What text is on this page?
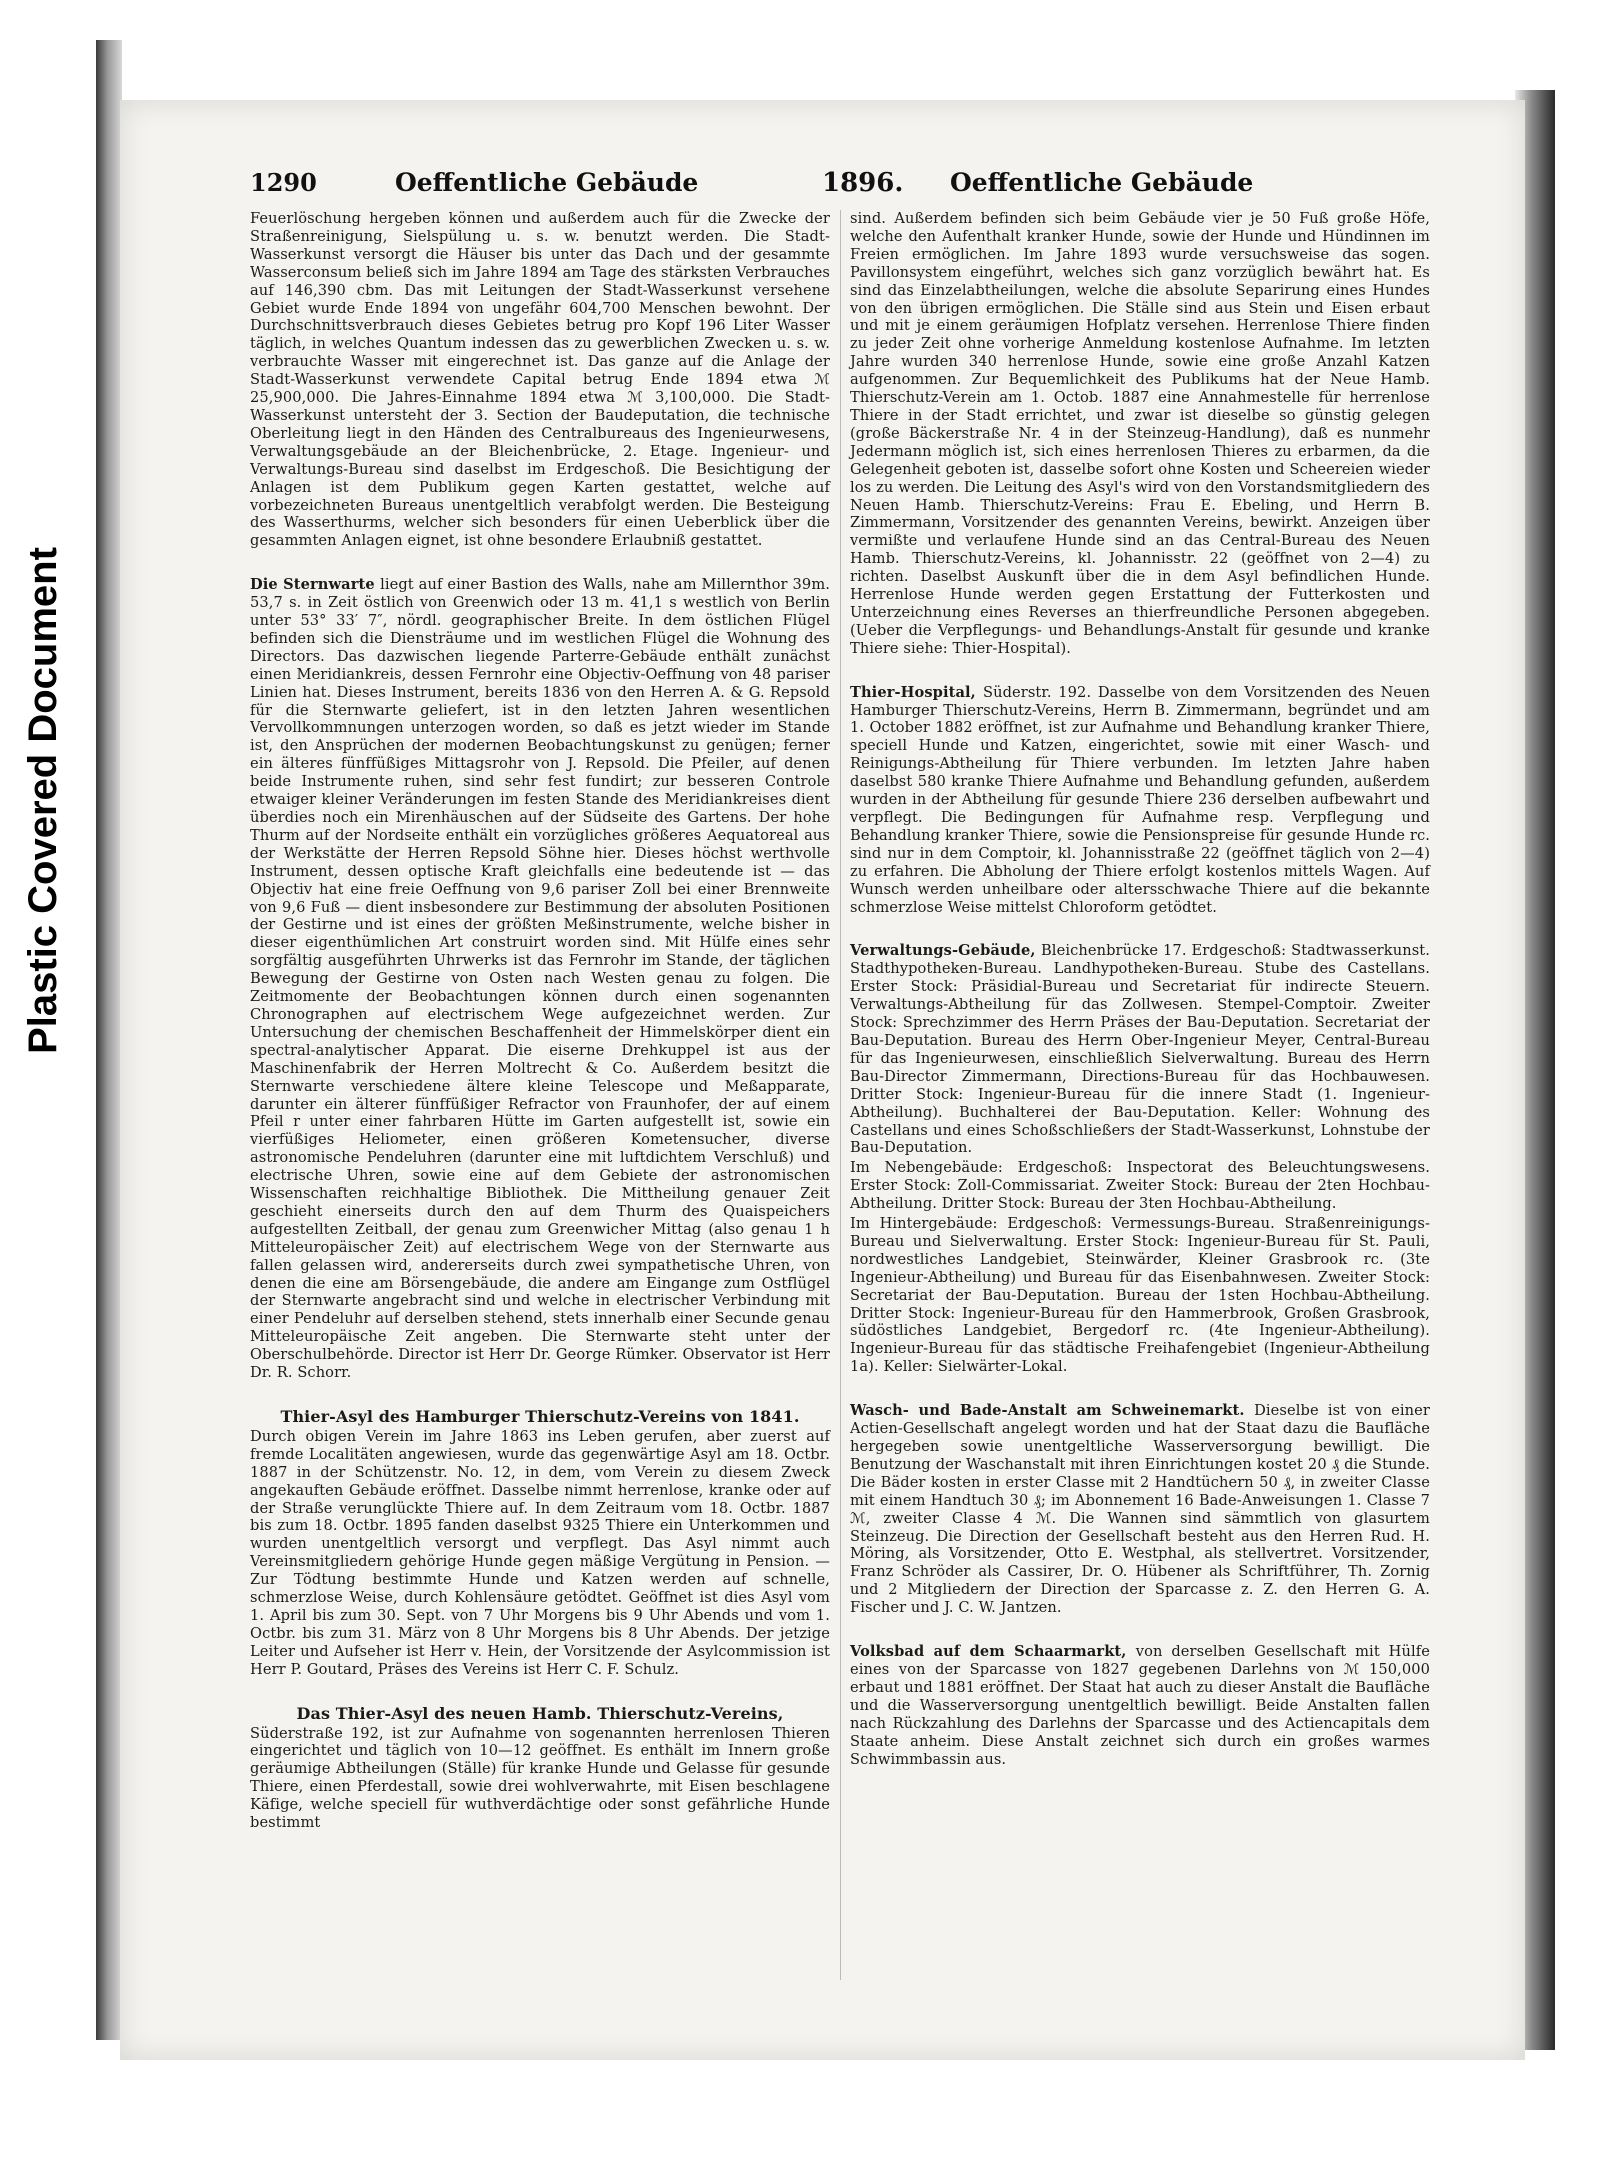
Plastic Covered Document
1290	Oeffentliche Gebäude	1896. Oeffentliche Gebäude

Feuerlöschung hergeben können und außerdem auch für die Zwecke der Straßenreinigung, Sielspülung u. s. w. benutzt werden. Die Stadt-Wasserkunst versorgt die Häuser bis unter das Dach und der gesammte Wasserconsum beließ sich im Jahre 1894 am Tage des stärksten Verbrauches auf 146,390 cbm. Das mit Leitungen der Stadt-Wasserkunst versehene Gebiet wurde Ende 1894 von ungefähr 604,700 Menschen bewohnt. Der Durchschnittsverbrauch dieses Gebietes betrug pro Kopf 196 Liter Wasser täglich, in welches Quantum indessen das zu gewerblichen Zwecken u. s. w. verbrauchte Wasser mit eingerechnet ist. Das ganze auf die Anlage der Stadt-Wasserkunst verwendete Capital betrug Ende 1894 etwa ℳ 25,900,000. Die Jahres-Einnahme 1894 etwa ℳ 3,100,000. Die Stadt-Wasserkunst untersteht der 3. Section der Baudeputation, die technische Oberleitung liegt in den Händen des Centralbureaus des Ingenieurwesens, Verwaltungsgebäude an der Bleichenbrücke, 2. Etage. Ingenieur- und Verwaltungs-Bureau sind daselbst im Erdgeschoß. Die Besichtigung der Anlagen ist dem Publikum gegen Karten gestattet, welche auf vorbezeichneten Bureaus unentgeltlich verabfolgt werden. Die Besteigung des Wasserthurms, welcher sich besonders für einen Ueberblick über die gesammten Anlagen eignet, ist ohne besondere Erlaubniß gestattet.

Die Sternwarte liegt auf einer Bastion des Walls, nahe am Millernthor 39m. 53,7 s. in Zeit östlich von Greenwich oder 13 m. 41,1 s westlich von Berlin unter 53° 33′ 7″, nördl. geographischer Breite. In dem östlichen Flügel befinden sich die Diensträume und im westlichen Flügel die Wohnung des Directors. Das dazwischen liegende Parterre-Gebäude enthält zunächst einen Meridiankreis, dessen Fernrohr eine Objectiv-Oeffnung von 48 pariser Linien hat. Dieses Instrument, bereits 1836 von den Herren A. & G. Repsold für die Sternwarte geliefert, ist in den letzten Jahren wesentlichen Vervollkommnungen unterzogen worden, so daß es jetzt wieder im Stande ist, den Ansprüchen der modernen Beobachtungskunst zu genügen; ferner ein älteres fünffüßiges Mittagsrohr von J. Repsold. Die Pfeiler, auf denen beide Instrumente ruhen, sind sehr fest fundirt; zur besseren Controle etwaiger kleiner Veränderungen im festen Stande des Meridiankreises dient überdies noch ein Mirenhäuschen auf der Südseite des Gartens. Der hohe Thurm auf der Nordseite enthält ein vorzügliches größeres Aequatoreal aus der Werkstätte der Herren Repsold Söhne hier. Dieses höchst werthvolle Instrument, dessen optische Kraft gleichfalls eine bedeutende ist — das Objectiv hat eine freie Oeffnung von 9,6 pariser Zoll bei einer Brennweite von 9,6 Fuß — dient insbesondere zur Bestimmung der absoluten Positionen der Gestirne und ist eines der größten Meßinstrumente, welche bisher in dieser eigenthümlichen Art construirt worden sind. Mit Hülfe eines sehr sorgfältig ausgeführten Uhrwerks ist das Fernrohr im Stande, der täglichen Bewegung der Gestirne von Osten nach Westen genau zu folgen. Die Zeitmomente der Beobachtungen können durch einen sogenannten Chronographen auf electrischem Wege aufgezeichnet werden. Zur Untersuchung der chemischen Beschaffenheit der Himmelskörper dient ein spectral-analytischer Apparat. Die eiserne Drehkuppel ist aus der Maschinenfabrik der Herren Moltrecht & Co. Außerdem besitzt die Sternwarte verschiedene ältere kleine Telescope und Meßapparate, darunter ein älterer fünffüßiger Refractor von Fraunhofer, der auf einem Pfeil r unter einer fahrbaren Hütte im Garten aufgestellt ist, sowie ein vierfüßiges Heliometer, einen größeren Kometensucher, diverse astronomische Pendeluhren (darunter eine mit luftdichtem Verschluß) und electrische Uhren, sowie eine auf dem Gebiete der astronomischen Wissenschaften reichhaltige Bibliothek. Die Mittheilung genauer Zeit geschieht einerseits durch den auf dem Thurm des Quaispeichers aufgestellten Zeitball, der genau zum Greenwicher Mittag (also genau 1 h Mitteleuropäischer Zeit) auf electrischem Wege von der Sternwarte aus fallen gelassen wird, andererseits durch zwei sympathetische Uhren, von denen die eine am Börsengebäude, die andere am Eingange zum Ostflügel der Sternwarte angebracht sind und welche in electrischer Verbindung mit einer Pendeluhr auf derselben stehend, stets innerhalb einer Secunde genau Mitteleuropäische Zeit angeben. Die Sternwarte steht unter der Oberschulbehörde. Director ist Herr Dr. George Rümker. Observator ist Herr Dr. R. Schorr.

Thier-Asyl des Hamburger Thierschutz-Vereins von 1841.

Durch obigen Verein im Jahre 1863 ins Leben gerufen, aber zuerst auf fremde Localitäten angewiesen, wurde das gegenwärtige Asyl am 18. Octbr. 1887 in der Schützenstr. No. 12, in dem, vom Verein zu diesem Zweck angekauften Gebäude eröffnet. Dasselbe nimmt herrenlose, kranke oder auf der Straße verunglückte Thiere auf. In dem Zeitraum vom 18. Octbr. 1887 bis zum 18. Octbr. 1895 fanden daselbst 9325 Thiere ein Unterkommen und wurden unentgeltlich versorgt und verpflegt. Das Asyl nimmt auch Vereinsmitgliedern gehörige Hunde gegen mäßige Vergütung in Pension. — Zur Tödtung bestimmte Hunde und Katzen werden auf schnelle, schmerzlose Weise, durch Kohlensäure getödtet. Geöffnet ist dies Asyl vom 1. April bis zum 30. Sept. von 7 Uhr Morgens bis 9 Uhr Abends und vom 1. Octbr. bis zum 31. März von 8 Uhr Morgens bis 8 Uhr Abends. Der jetzige Leiter und Aufseher ist Herr v. Hein, der Vorsitzende der Asylcommission ist Herr P. Goutard, Präses des Vereins ist Herr C. F. Schulz.

Das Thier-Asyl des neuen Hamb. Thierschutz-Vereins,

Süderstraße 192, ist zur Aufnahme von sogenannten herrenlosen Thieren eingerichtet und täglich von 10—12 geöffnet. Es enthält im Innern große geräumige Abtheilungen (Ställe) für kranke Hunde und Gelasse für gesunde Thiere, einen Pferdestall, sowie drei wohlverwahrte, mit Eisen beschlagene Käfige, welche speciell für wuthverdächtige oder sonst gefährliche Hunde bestimmt

sind. Außerdem befinden sich beim Gebäude vier je 50 Fuß große Höfe, welche den Aufenthalt kranker Hunde, sowie der Hunde und Hündinnen im Freien ermöglichen. Im Jahre 1893 wurde versuchsweise das sogen. Pavillonsystem eingeführt, welches sich ganz vorzüglich bewährt hat. Es sind das Einzelabtheilungen, welche die absolute Separirung eines Hundes von den übrigen ermöglichen. Die Ställe sind aus Stein und Eisen erbaut und mit je einem geräumigen Hofplatz versehen. Herrenlose Thiere finden zu jeder Zeit ohne vorherige Anmeldung kostenlose Aufnahme. Im letzten Jahre wurden 340 herrenlose Hunde, sowie eine große Anzahl Katzen aufgenommen. Zur Bequemlichkeit des Publikums hat der Neue Hamb. Thierschutz-Verein am 1. Octob. 1887 eine Annahmestelle für herrenlose Thiere in der Stadt errichtet, und zwar ist dieselbe so günstig gelegen (große Bäckerstraße Nr. 4 in der Steinzeug-Handlung), daß es nunmehr Jedermann möglich ist, sich eines herrenlosen Thieres zu erbarmen, da die Gelegenheit geboten ist, dasselbe sofort ohne Kosten und Scheereien wieder los zu werden. Die Leitung des Asyl's wird von den Vorstandsmitgliedern des Neuen Hamb. Thierschutz-Vereins: Frau E. Ebeling, und Herrn B. Zimmermann, Vorsitzender des genannten Vereins, bewirkt. Anzeigen über vermißte und verlaufene Hunde sind an das Central-Bureau des Neuen Hamb. Thierschutz-Vereins, kl. Johannisstr. 22 (geöffnet von 2—4) zu richten. Daselbst Auskunft über die in dem Asyl befindlichen Hunde. Herrenlose Hunde werden gegen Erstattung der Futterkosten und Unterzeichnung eines Reverses an thierfreundliche Personen abgegeben. (Ueber die Verpflegungs- und Behandlungs-Anstalt für gesunde und kranke Thiere siehe: Thier-Hospital).

Thier-Hospital, Süderstr. 192. Dasselbe von dem Vorsitzenden des Neuen Hamburger Thierschutz-Vereins, Herrn B. Zimmermann, begründet und am 1. October 1882 eröffnet, ist zur Aufnahme und Behandlung kranker Thiere, speciell Hunde und Katzen, eingerichtet, sowie mit einer Wasch- und Reinigungs-Abtheilung für Thiere verbunden. Im letzten Jahre haben daselbst 580 kranke Thiere Aufnahme und Behandlung gefunden, außerdem wurden in der Abtheilung für gesunde Thiere 236 derselben aufbewahrt und verpflegt. Die Bedingungen für Aufnahme resp. Verpflegung und Behandlung kranker Thiere, sowie die Pensionspreise für gesunde Hunde rc. sind nur in dem Comptoir, kl. Johannisstraße 22 (geöffnet täglich von 2—4) zu erfahren. Die Abholung der Thiere erfolgt kostenlos mittels Wagen. Auf Wunsch werden unheilbare oder altersschwache Thiere auf die bekannte schmerzlose Weise mittelst Chloroform getödtet.

Verwaltungs-Gebäude, Bleichenbrücke 17. Erdgeschoß: Stadtwasserkunst. Stadthypotheken-Bureau. Landhypotheken-Bureau. Stube des Castellans. Erster Stock: Präsidial-Bureau und Secretariat für indirecte Steuern. Verwaltungs-Abtheilung für das Zollwesen. Stempel-Comptoir. Zweiter Stock: Sprechzimmer des Herrn Präses der Bau-Deputation. Secretariat der Bau-Deputation. Bureau des Herrn Ober-Ingenieur Meyer, Central-Bureau für das Ingenieurwesen, einschließlich Sielverwaltung. Bureau des Herrn Bau-Director Zimmermann, Directions-Bureau für das Hochbauwesen. Dritter Stock: Ingenieur-Bureau für die innere Stadt (1. Ingenieur-Abtheilung). Buchhalterei der Bau-Deputation. Keller: Wohnung des Castellans und eines Schoßschließers der Stadt-Wasserkunst, Lohnstube der Bau-Deputation.

Im Nebengebäude: Erdgeschoß: Inspectorat des Beleuchtungswesens. Erster Stock: Zoll-Commissariat. Zweiter Stock: Bureau der 2ten Hochbau-Abtheilung. Dritter Stock: Bureau der 3ten Hochbau-Abtheilung.

Im Hintergebäude: Erdgeschoß: Vermessungs-Bureau. Straßenreinigungs-Bureau und Sielverwaltung. Erster Stock: Ingenieur-Bureau für St. Pauli, nordwestliches Landgebiet, Steinwärder, Kleiner Grasbrook rc. (3te Ingenieur-Abtheilung) und Bureau für das Eisenbahnwesen. Zweiter Stock: Secretariat der Bau-Deputation. Bureau der 1sten Hochbau-Abtheilung. Dritter Stock: Ingenieur-Bureau für den Hammerbrook, Großen Grasbrook, südöstliches Landgebiet, Bergedorf rc. (4te Ingenieur-Abtheilung). Ingenieur-Bureau für das städtische Freihafengebiet (Ingenieur-Abtheilung 1a). Keller: Sielwärter-Lokal.

Wasch- und Bade-Anstalt am Schweinemarkt. Dieselbe ist von einer Actien-Gesellschaft angelegt worden und hat der Staat dazu die Baufläche hergegeben sowie unentgeltliche Wasserversorgung bewilligt. Die Benutzung der Waschanstalt mit ihren Einrichtungen kostet 20 ₰ die Stunde. Die Bäder kosten in erster Classe mit 2 Handtüchern 50 ₰, in zweiter Classe mit einem Handtuch 30 ₰; im Abonnement 16 Bade-Anweisungen 1. Classe 7 ℳ, zweiter Classe 4 ℳ. Die Wannen sind sämmtlich von glasurtem Steinzeug. Die Direction der Gesellschaft besteht aus den Herren Rud. H. Möring, als Vorsitzender, Otto E. Westphal, als stellvertret. Vorsitzender, Franz Schröder als Cassirer, Dr. O. Hübener als Schriftführer, Th. Zornig und 2 Mitgliedern der Direction der Sparcasse z. Z. den Herren G. A. Fischer und J. C. W. Jantzen.

Volksbad auf dem Schaarmarkt, von derselben Gesellschaft mit Hülfe eines von der Sparcasse von 1827 gegebenen Darlehns von ℳ 150,000 erbaut und 1881 eröffnet. Der Staat hat auch zu dieser Anstalt die Baufläche und die Wasserversorgung unentgeltlich bewilligt. Beide Anstalten fallen nach Rückzahlung des Darlehns der Sparcasse und des Actiencapitals dem Staate anheim. Diese Anstalt zeichnet sich durch ein großes warmes Schwimmbassin aus.
